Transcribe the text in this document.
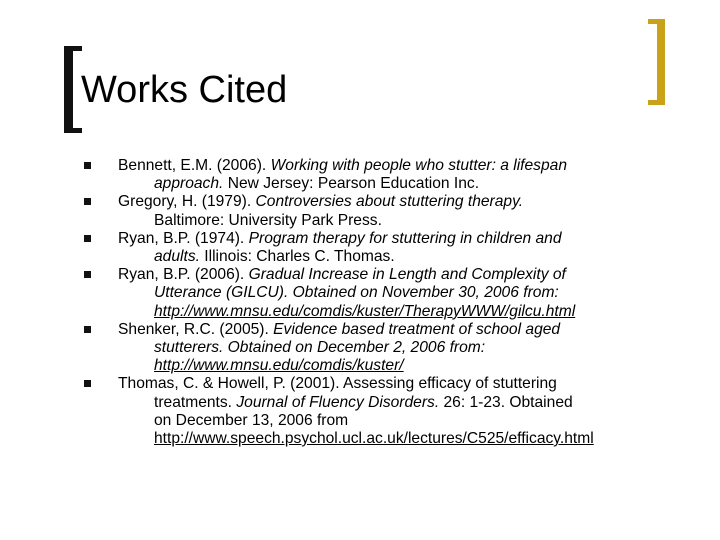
Works Cited
Bennett, E.M. (2006). Working with people who stutter: a lifespan
approach. New Jersey: Pearson Education Inc.
Gregory, H. (1979). Controversies about stuttering therapy.
Baltimore: University Park Press.
Ryan, B.P. (1974). Program therapy for stuttering in children and
adults. Illinois: Charles C. Thomas.
Ryan, B.P. (2006). Gradual Increase in Length and Complexity of
Utterance (GILCU). Obtained on November 30, 2006 from:
http://www.mnsu.edu/comdis/kuster/TherapyWWW/gilcu.html
Shenker, R.C. (2005). Evidence based treatment of school aged
stutterers. Obtained on December 2, 2006 from:
http://www.mnsu.edu/comdis/kuster/
Thomas, C. & Howell, P. (2001). Assessing efficacy of stuttering
treatments. Journal of Fluency Disorders. 26: 1-23. Obtained
on December 13, 2006 from
http://www.speech.psychol.ucl.ac.uk/lectures/C525/efficacy.html
